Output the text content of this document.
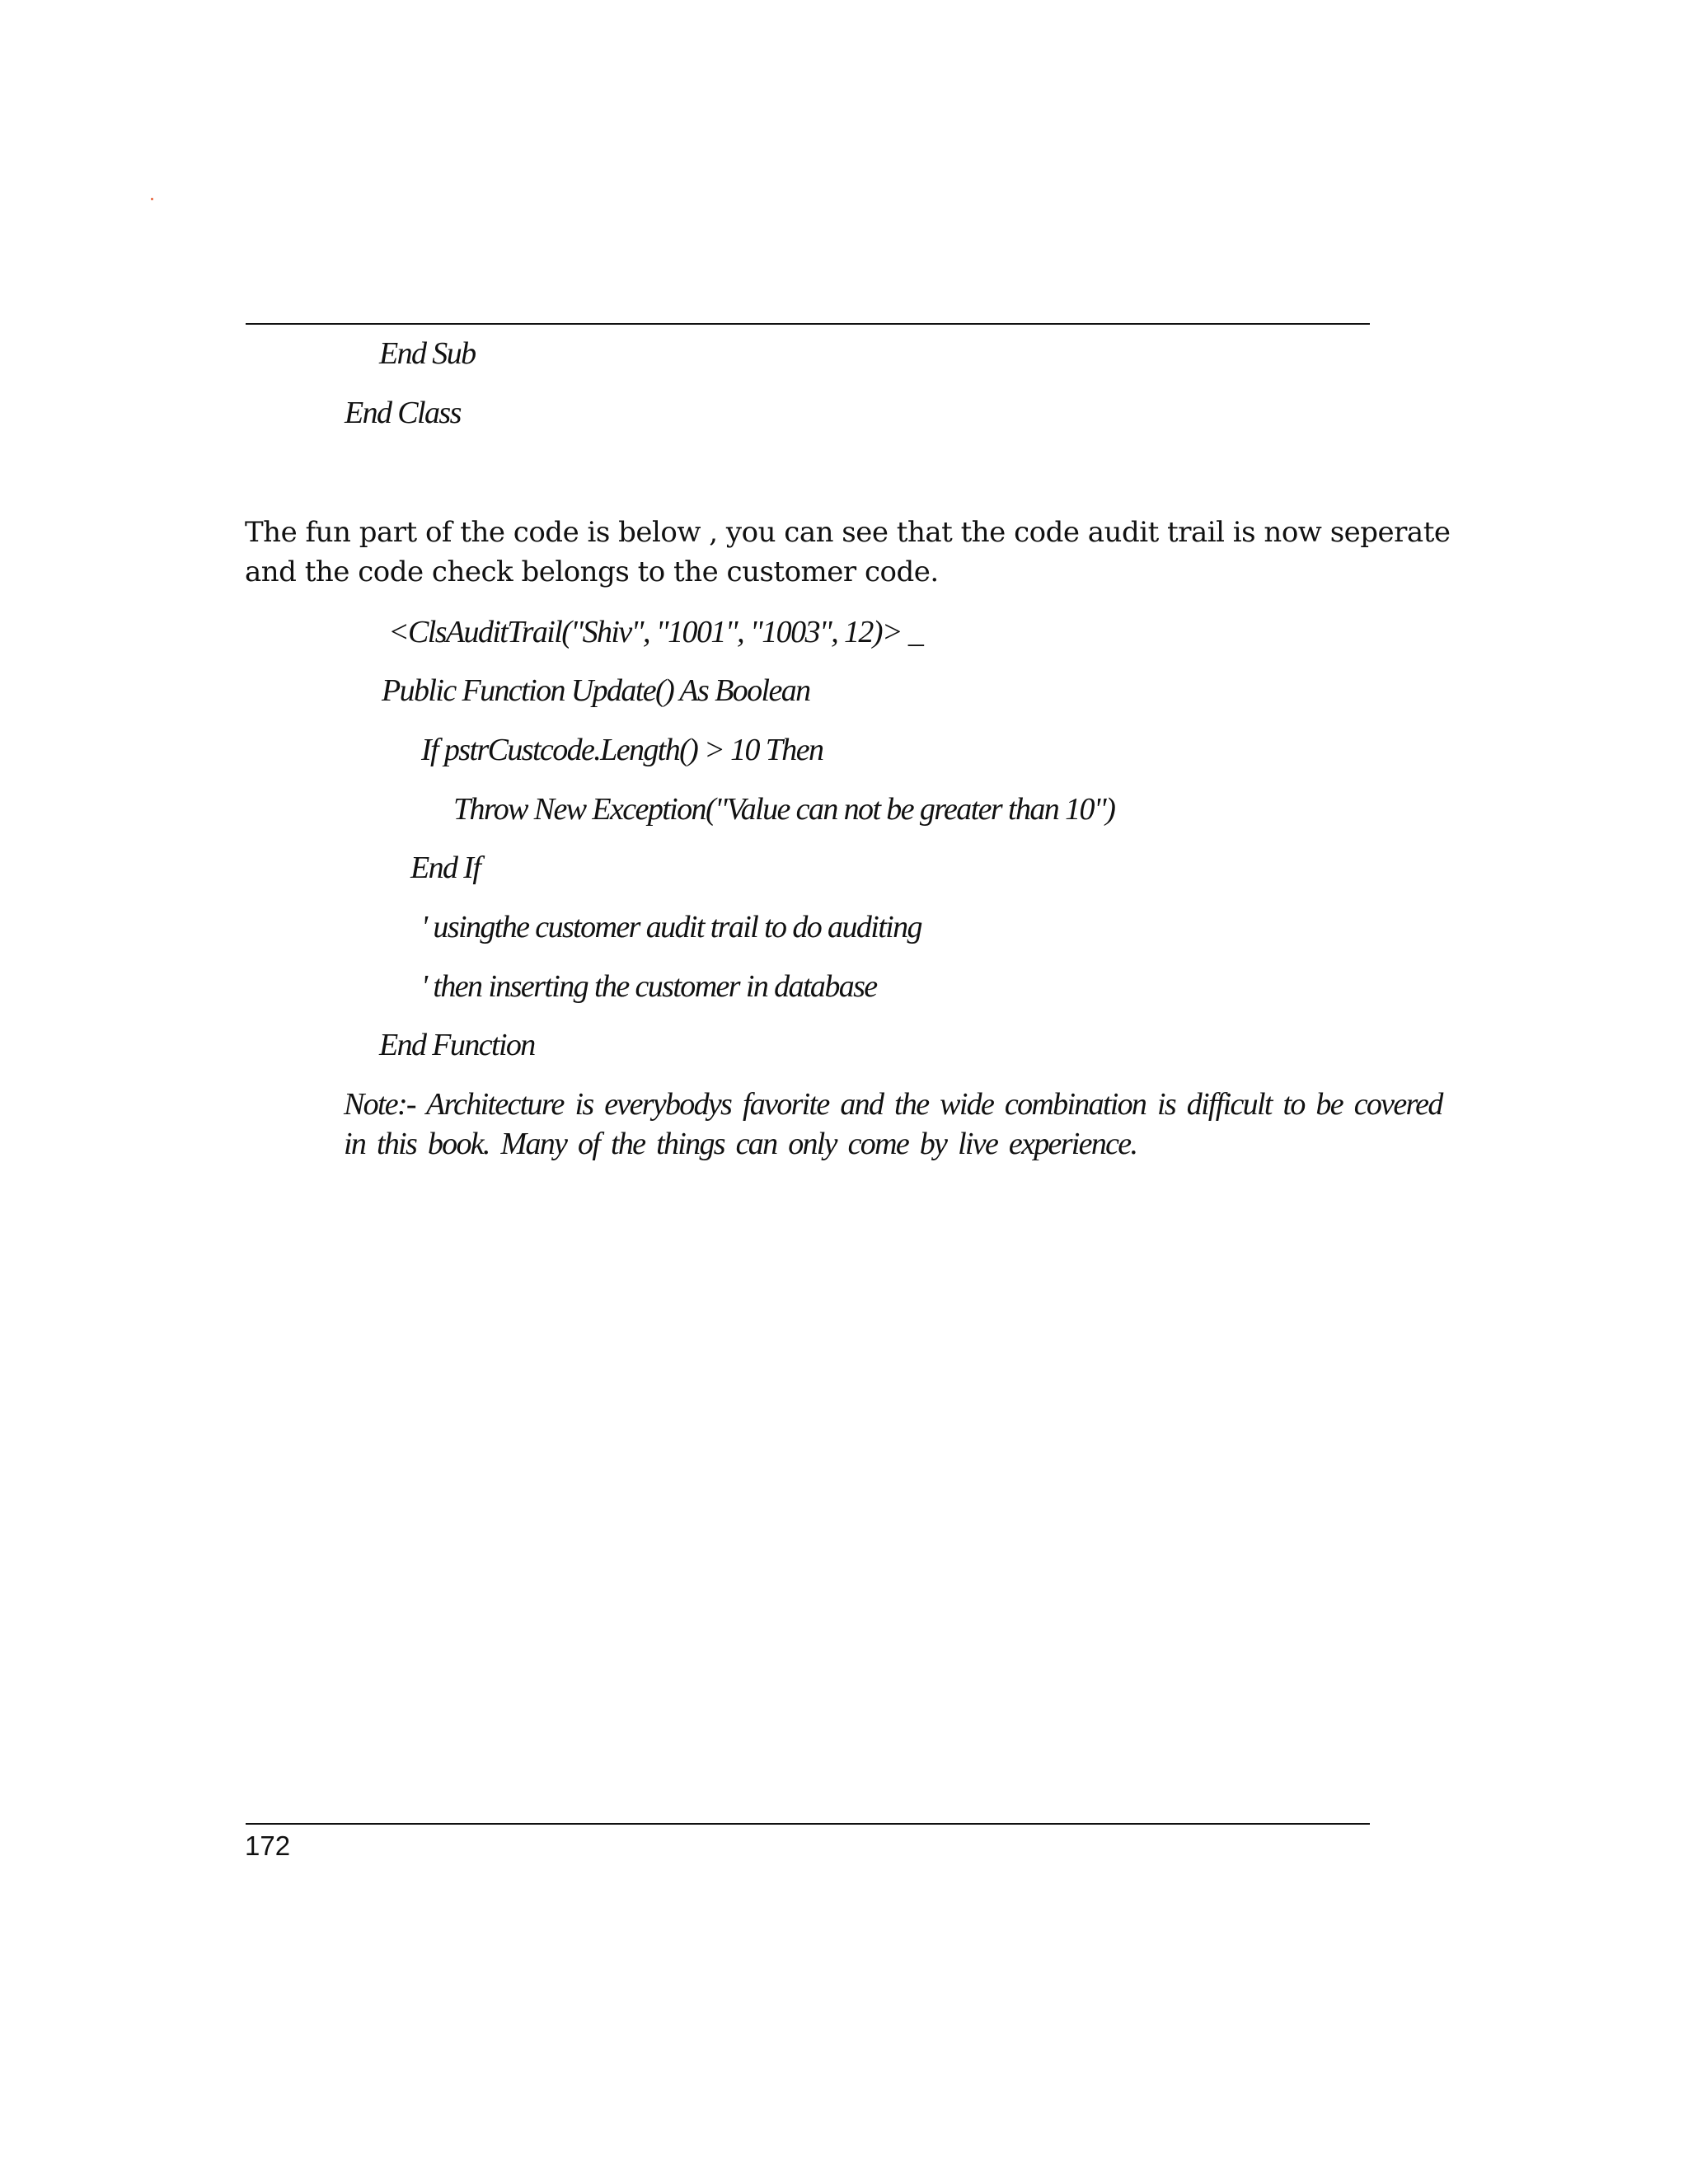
End Sub
End Class
The fun part of the code is below , you can see that the code audit trail is now seperate
and the code check belongs to the customer code.
<ClsAuditTrail("Shiv", "1001", "1003", 12)> _
Public Function Update() As Boolean
If pstrCustcode.Length() > 10 Then
Throw New Exception("Value can not be greater than 10")
End If
' usingthe customer audit trail to do auditing
' then inserting the customer in database
End Function
Note:- Architecture is everybodys favorite and the wide combination is difficult to be covered
in this book. Many of the things can only come by live experience.
172
